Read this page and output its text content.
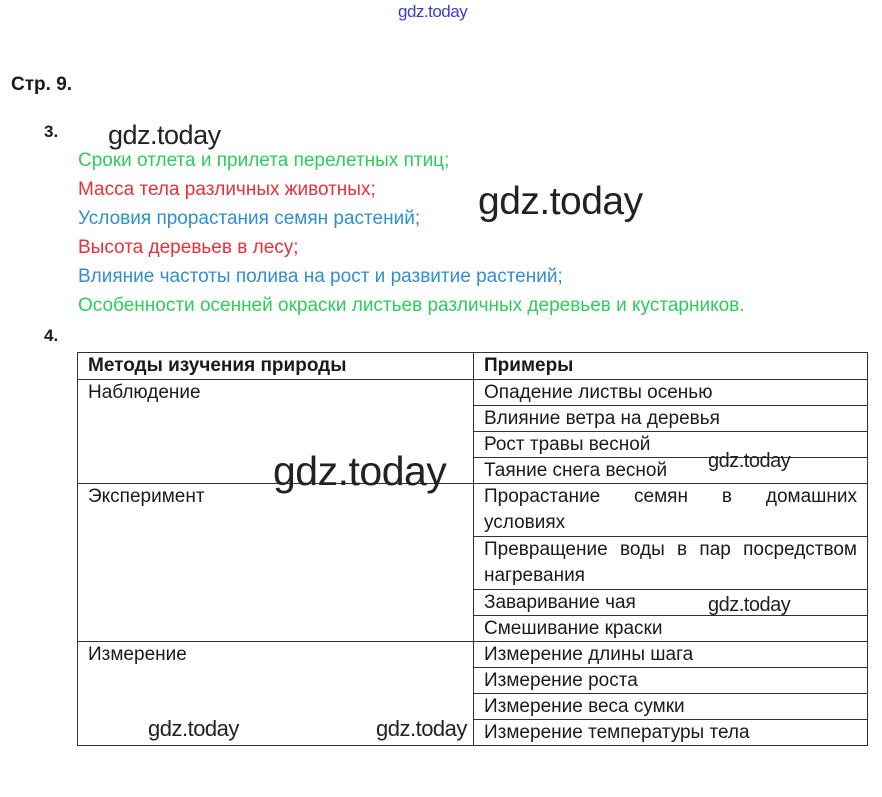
gdz.today
Стр. 9.
3. gdz.today
Сроки отлета и прилета перелетных птиц;
Масса тела различных животных;
Условия прорастания семян растений;
Высота деревьев в лесу;
Влияние частоты полива на рост и развитие растений;
Особенности осенней окраски листьев различных деревьев и кустарников.
gdz.today
4.
Методы изучения природы	Примеры
Наблюдение	Опадение листвы осенью
	Влияние ветра на деревья
	Рост травы весной
	Таяние снега весной
Эксперимент	Прорастание семян в домашних условиях
	Превращение воды в пар посредством нагревания
	Заваривание чая
	Смешивание краски
Измерение	Измерение длины шага
	Измерение роста
	Измерение веса сумки
	Измерение температуры тела
gdz.today	gdz.today
gdz.today
gdz.today	gdz.today
